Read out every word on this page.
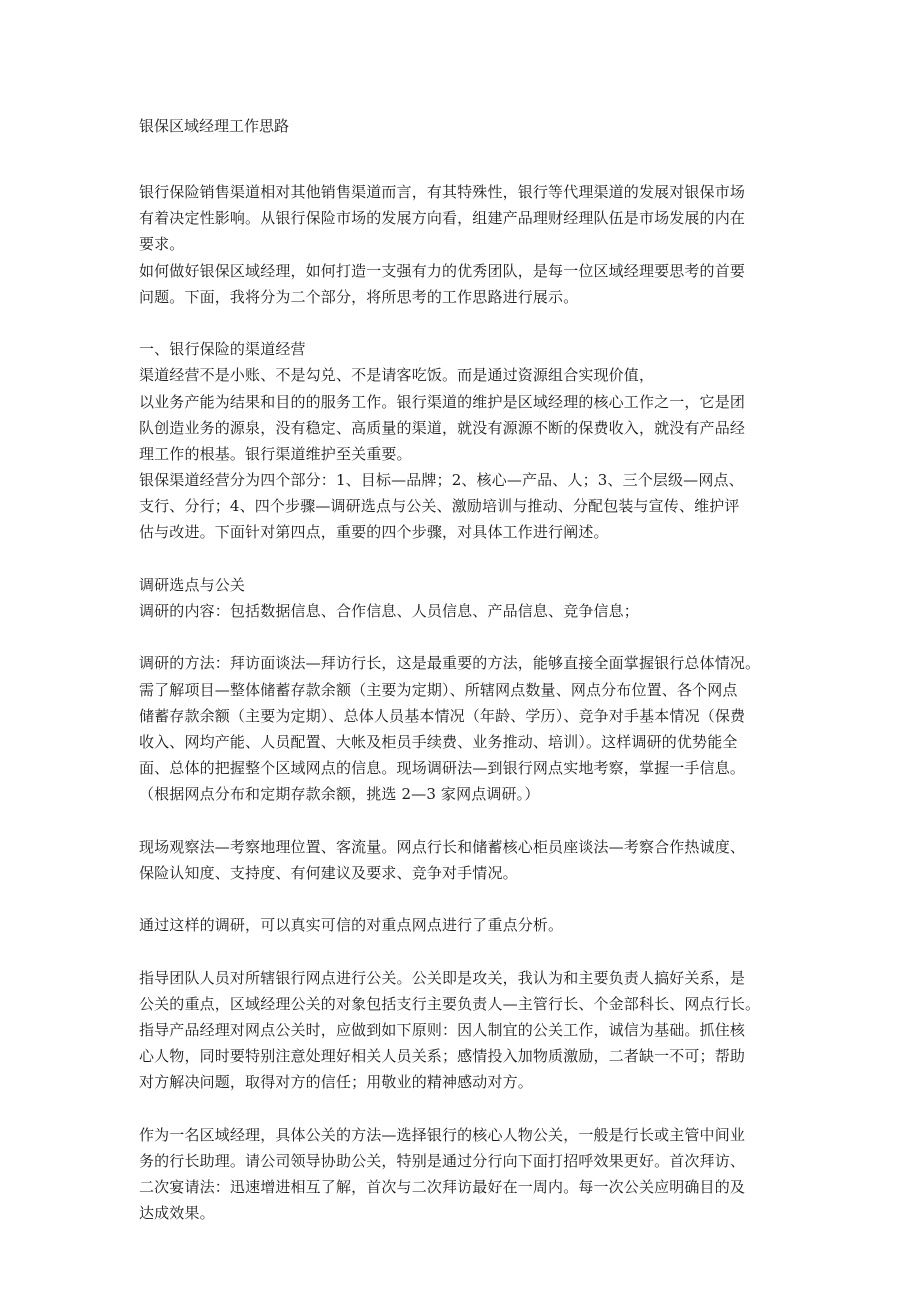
银保区域经理工作思路
银行保险销售渠道相对其他销售渠道而言，有其特殊性，银行等代理渠道的发展对银保市场
有着决定性影响。从银行保险市场的发展方向看，组建产品理财经理队伍是市场发展的内在
要求。
如何做好银保区域经理，如何打造一支强有力的优秀团队，是每一位区域经理要思考的首要
问题。下面，我将分为二个部分，将所思考的工作思路进行展示。
一、银行保险的渠道经营
渠道经营不是小账、不是勾兑、不是请客吃饭。而是通过资源组合实现价值，
以业务产能为结果和目的的服务工作。银行渠道的维护是区域经理的核心工作之一，它是团
队创造业务的源泉，没有稳定、高质量的渠道，就没有源源不断的保费收入，就没有产品经
理工作的根基。银行渠道维护至关重要。
银保渠道经营分为四个部分：1、目标—品牌；2、核心—产品、人；3、三个层级—网点、
支行、分行；4、四个步骤—调研选点与公关、激励培训与推动、分配包装与宣传、维护评
估与改进。下面针对第四点，重要的四个步骤，对具体工作进行阐述。
调研选点与公关
调研的内容：包括数据信息、合作信息、人员信息、产品信息、竞争信息；
调研的方法：拜访面谈法—拜访行长，这是最重要的方法，能够直接全面掌握银行总体情况。
需了解项目—整体储蓄存款余额（主要为定期）、所辖网点数量、网点分布位置、各个网点
储蓄存款余额（主要为定期）、总体人员基本情况（年龄、学历）、竞争对手基本情况（保费
收入、网均产能、人员配置、大帐及柜员手续费、业务推动、培训）。这样调研的优势能全
面、总体的把握整个区域网点的信息。现场调研法—到银行网点实地考察，掌握一手信息。
（根据网点分布和定期存款余额，挑选 2—3 家网点调研。）
现场观察法—考察地理位置、客流量。网点行长和储蓄核心柜员座谈法—考察合作热诚度、
保险认知度、支持度、有何建议及要求、竞争对手情况。
通过这样的调研，可以真实可信的对重点网点进行了重点分析。
指导团队人员对所辖银行网点进行公关。公关即是攻关，我认为和主要负责人搞好关系，是
公关的重点，区域经理公关的对象包括支行主要负责人—主管行长、个金部科长、网点行长。
指导产品经理对网点公关时，应做到如下原则：因人制宜的公关工作，诚信为基础。抓住核
心人物，同时要特别注意处理好相关人员关系；感情投入加物质激励，二者缺一不可；帮助
对方解决问题，取得对方的信任；用敬业的精神感动对方。
作为一名区域经理，具体公关的方法—选择银行的核心人物公关，一般是行长或主管中间业
务的行长助理。请公司领导协助公关，特别是通过分行向下面打招呼效果更好。首次拜访、
二次宴请法：迅速增进相互了解，首次与二次拜访最好在一周内。每一次公关应明确目的及
达成效果。
